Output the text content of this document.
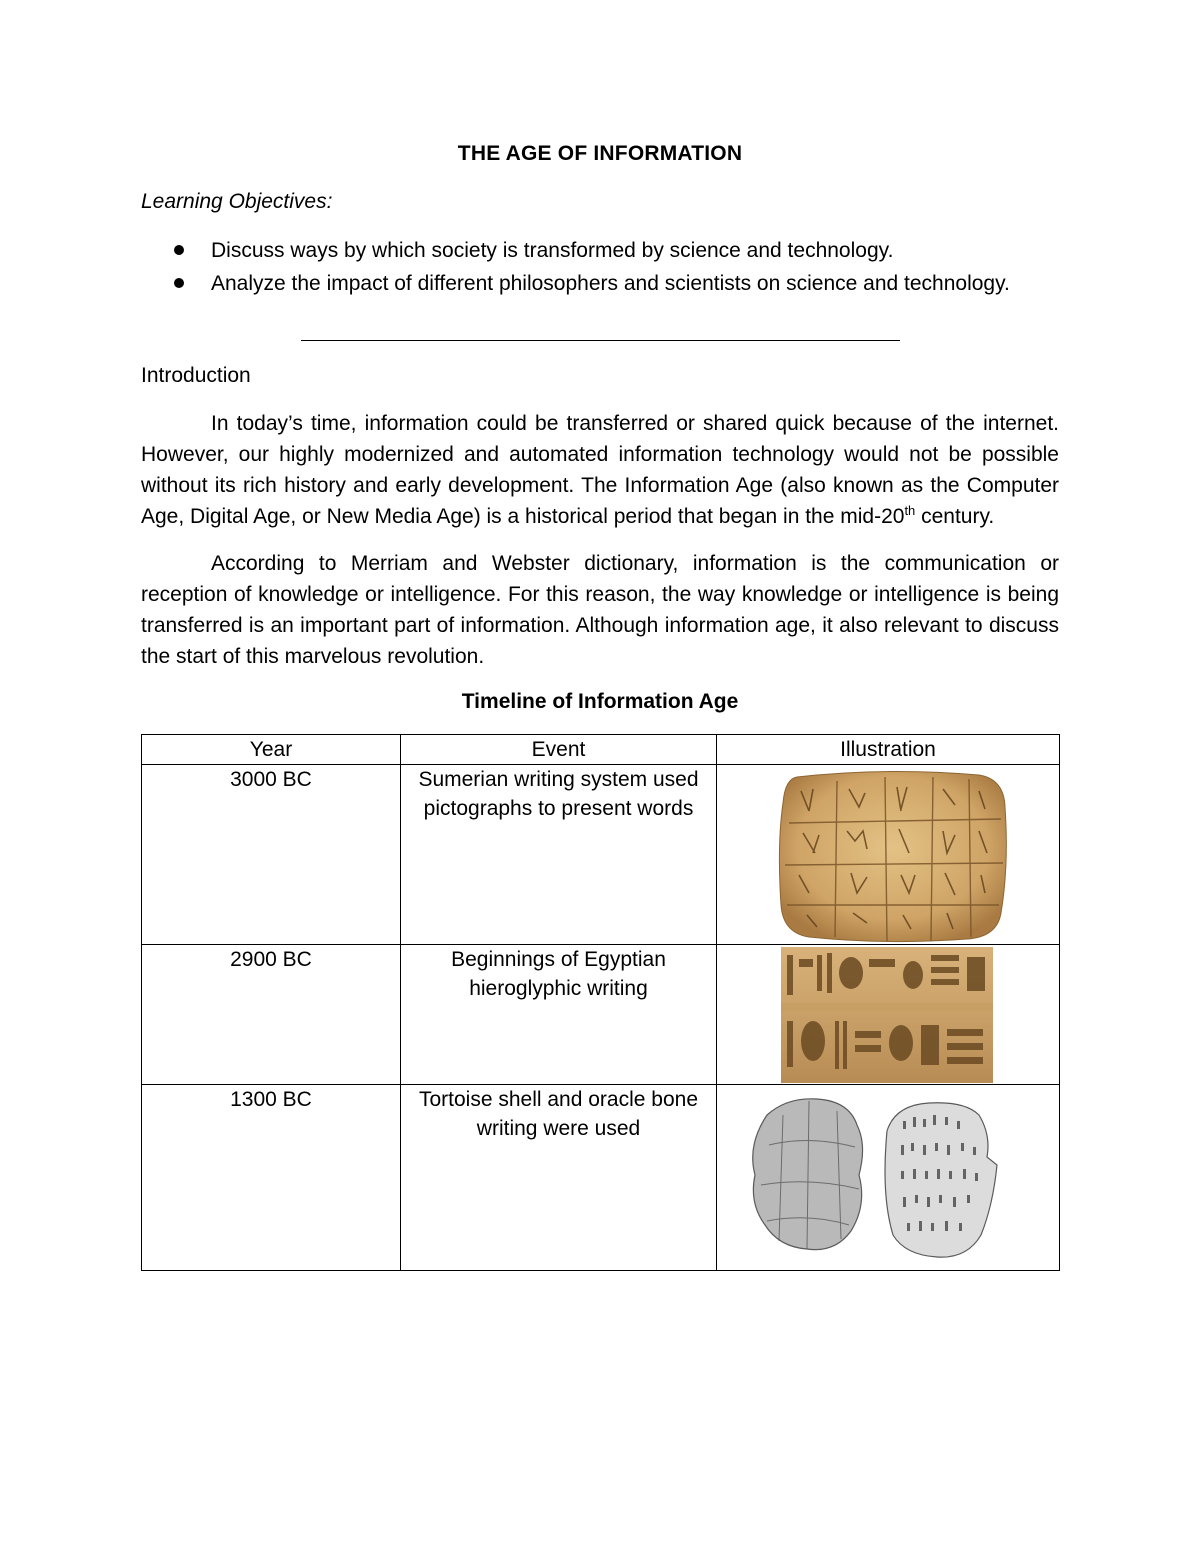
THE AGE OF INFORMATION
Learning Objectives:
Discuss ways by which society is transformed by science and technology.
Analyze the impact of different philosophers and scientists on science and technology.
Introduction

In today’s time, information could be transferred or shared quick because of the internet. However, our highly modernized and automated information technology would not be possible without its rich history and early development. The Information Age (also known as the Computer Age, Digital Age, or New Media Age) is a historical period that began in the mid-20th century.

According to Merriam and Webster dictionary, information is the communication or reception of knowledge or intelligence. For this reason, the way knowledge or intelligence is being transferred is an important part of information. Although information age, it also relevant to discuss the start of this marvelous revolution.

Timeline of Information Age
Year	Event	Illustration
3000 BC	Sumerian writing system used pictographs to present words	

2900 BC	Beginnings of Egyptian hieroglyphic writing	

1300 BC	Tortoise shell and oracle bone writing were used	
